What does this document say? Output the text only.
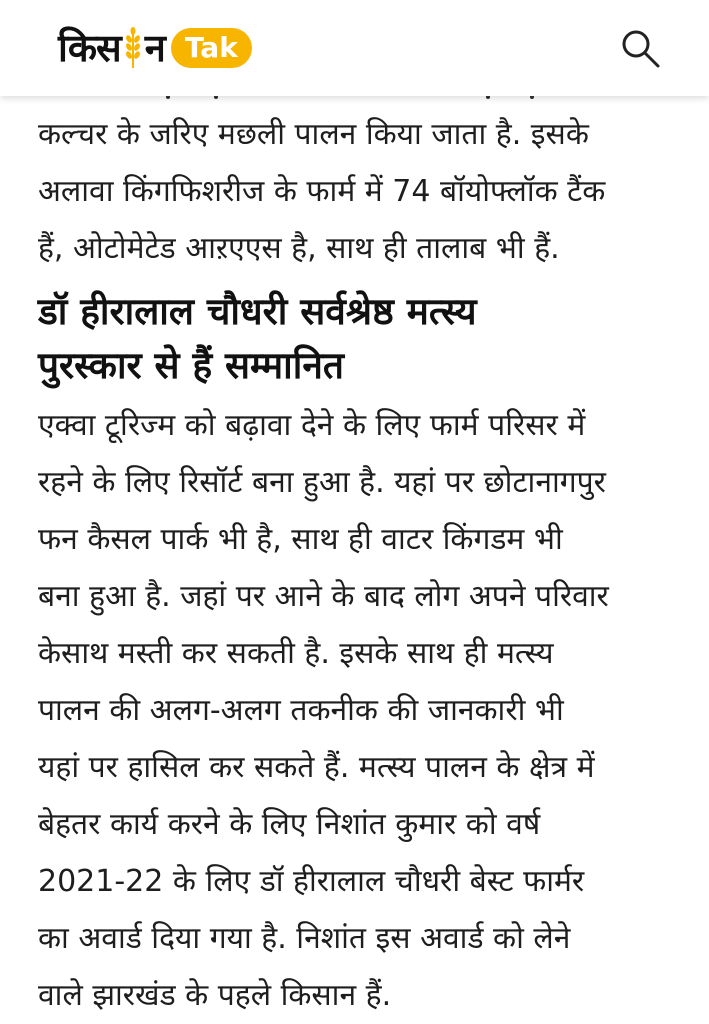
किस न Tak

कल्चर के जरिए मछली पालन किया जाता है. इसके
अलावा किंगफिशरीज के फार्म में 74 बॉयोफ्लॉक टैंक
हैं, ओटोमेटेड आऱएएस है, साथ ही तालाब भी हैं.

डॉ हीरालाल चौधरी सर्वश्रेष्ठ मत्स्य
पुरस्कार से हैं सम्मानित

एक्वा टूरिज्म को बढ़ावा देने के लिए फार्म परिसर में
रहने के लिए रिसॉर्ट बना हुआ है. यहां पर छोटानागपुर
फन कैसल पार्क भी है, साथ ही वाटर किंगडम भी
बना हुआ है. जहां पर आने के बाद लोग अपने परिवार
केसाथ मस्ती कर सकती है. इसके साथ ही मत्स्य
पालन की अलग-अलग तकनीक की जानकारी भी
यहां पर हासिल कर सकते हैं. मत्स्य पालन के क्षेत्र में
बेहतर कार्य करने के लिए निशांत कुमार को वर्ष
2021-22 के लिए डॉ हीरालाल चौधरी बेस्ट फार्मर
का अवार्ड दिया गया है. निशांत इस अवार्ड को लेने
वाले झारखंड के पहले किसान हैं.
